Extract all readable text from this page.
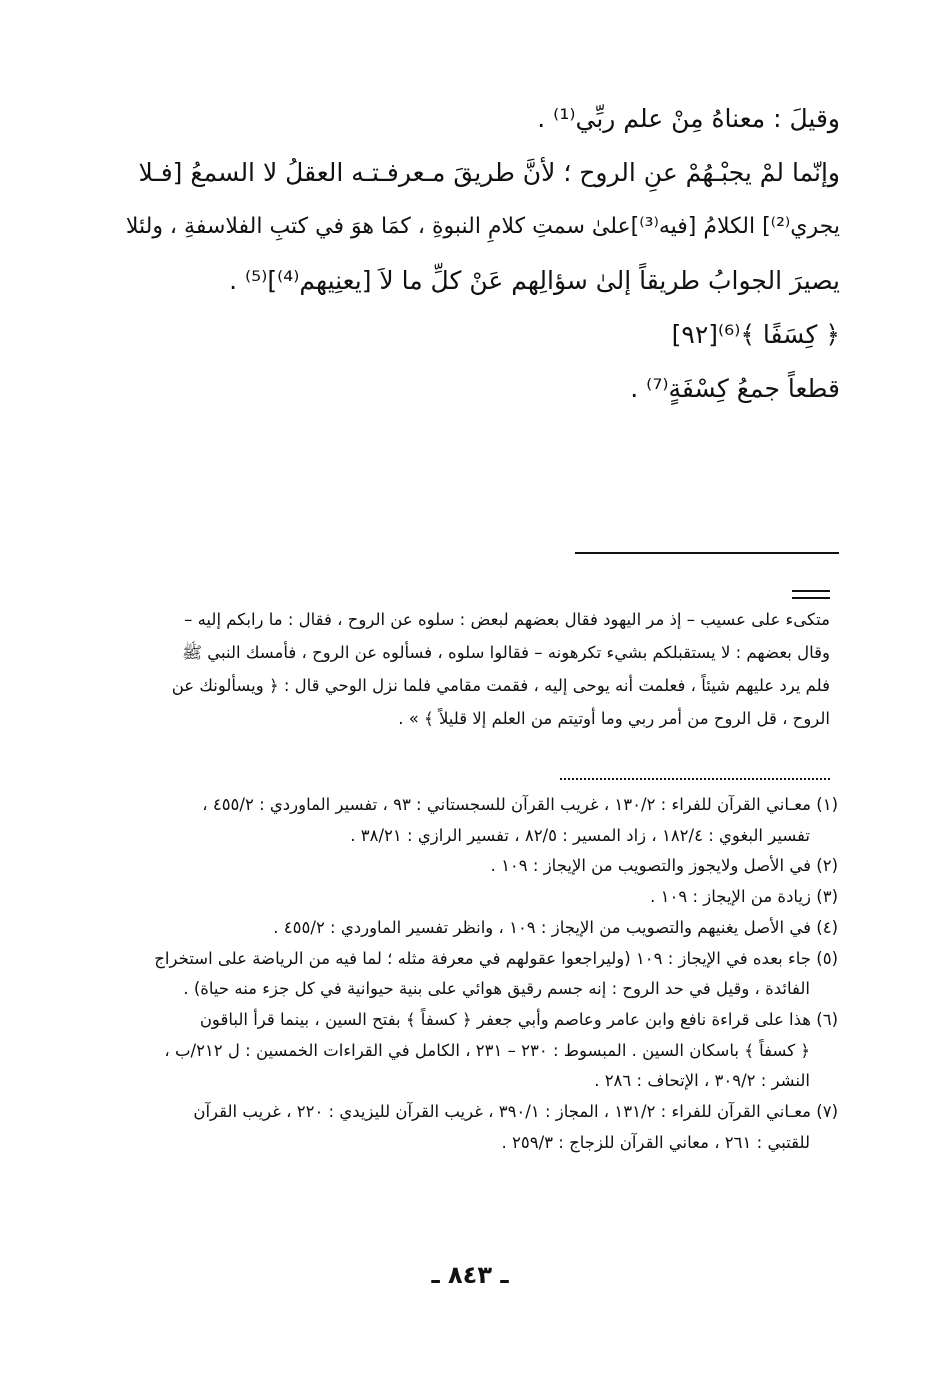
وقيلَ : معناهُ مِنْ علم ربِّي⁽¹⁾ .

وإنّما لمْ يجبْـهُمْ عنِ الروح ؛ لأنَّ طريقَ مـعرفـتـه العقلُ لا السمعُ [فـلا

يجري⁽²⁾] الكلامُ [فيه⁽³⁾]علىٰ سمتِ كلامِ النبوةِ ، كمَا هوَ في كتبِ الفلاسفةِ ، ولئلا

يصيرَ الجوابُ طريقاً إلىٰ سؤالِهم عَنْ كلِّ ما لاَ [يعنِيهم⁽⁴⁾]⁽⁵⁾ .

﴿ كِسَفًا ﴾⁽⁶⁾[٩٢]

قطعاً جمعُ كِسْفَةٍ⁽⁷⁾ .

متكىء على عسيب – إذ مر اليهود فقال بعضهم لبعض : سلوه عن الروح ، فقال : ما رابكم إليه –

وقال بعضهم : لا يستقبلكم بشيء تكرهونه – فقالوا سلوه ، فسألوه عن الروح ، فأمسك النبي ﷺ

فلم يرد عليهم شيئاً ، فعلمت أنه يوحى إليه ، فقمت مقامي فلما نزل الوحي قال : ﴿ ويسألونك عن

الروح ، قل الروح من أمر ربي وما أوتيتم من العلم إلا قليلاً ﴾ » .

(١) معـاني القرآن للفراء : ١٣٠/٢ ، غريب القرآن للسجستاني : ٩٣ ، تفسير الماوردي : ٤٥٥/٢ ،

تفسير البغوي : ١٨٢/٤ ، زاد المسير : ٨٢/٥ ، تفسير الرازي : ٣٨/٢١ .

(٢) في الأصل ولايجوز والتصويب من الإيجاز : ١٠٩ .

(٣) زيادة من الإيجاز : ١٠٩ .

(٤) في الأصل يغنيهم والتصويب من الإيجاز : ١٠٩ ، وانظر تفسير الماوردي : ٤٥٥/٢ .

(٥) جاء بعده في الإيجاز : ١٠٩ (وليراجعوا عقولهم في معرفة مثله ؛ لما فيه من الرياضة على استخراج

الفائدة ، وقيل في حد الروح : إنه جسم رقيق هوائي على بنية حيوانية في كل جزء منه حياة) .

(٦) هذا على قراءة نافع وابن عامر وعاصم وأبي جعفر ﴿ كسفاً ﴾ بفتح السين ، بينما قرأ الباقون

﴿ كسفاً ﴾ باسكان السين . المبسوط : ٢٣٠ – ٢٣١ ، الكامل في القراءات الخمسين : ل ٢١٢/ب ،

النشر : ٣٠٩/٢ ، الإتحاف : ٢٨٦ .

(٧) معـاني القرآن للفراء : ١٣١/٢ ، المجاز : ٣٩٠/١ ، غريب القرآن لليزيدي : ٢٢٠ ، غريب القرآن

للقتبي : ٢٦١ ، معاني القرآن للزجاج : ٢٥٩/٣ .

ـ ٨٤٣ ـ
